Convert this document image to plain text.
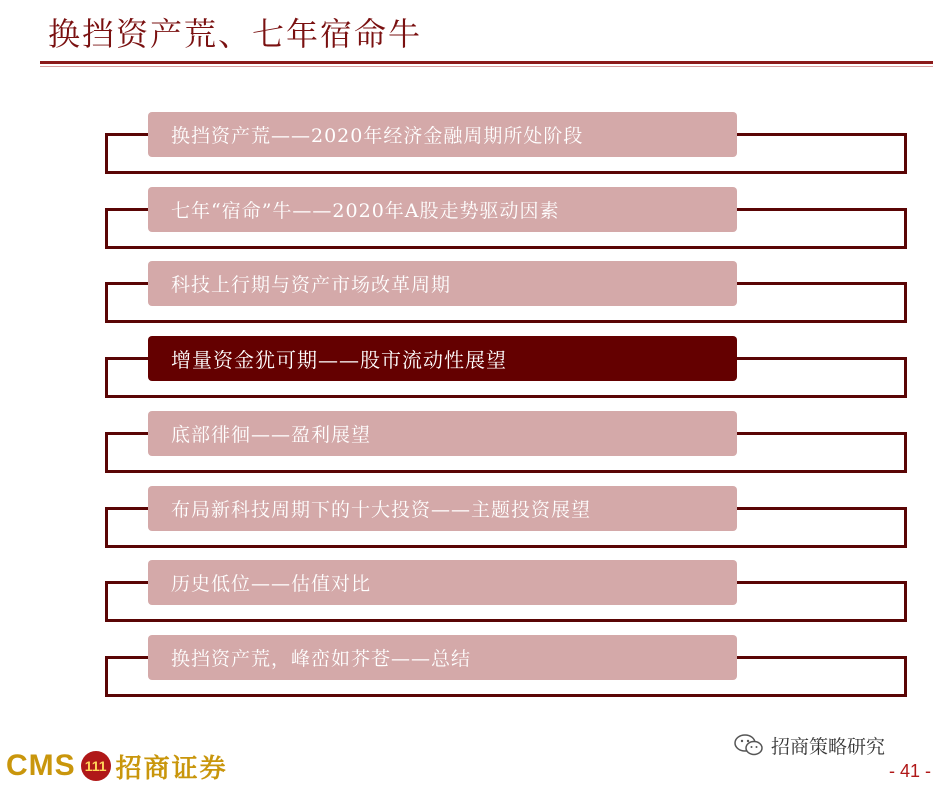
换挡资产荒、七年宿命牛
换挡资产荒——2020年经济金融周期所处阶段
七年“宿命”牛——2020年A股走势驱动因素
科技上行期与资产市场改革周期
增量资金犹可期——股市流动性展望
底部徘徊——盈利展望
布局新科技周期下的十大投资——主题投资展望
历史低位——估值对比
换挡资产荒，峰峦如芥苍——总结
CMS 111 招商证券
招商策略研究
- 41 -
